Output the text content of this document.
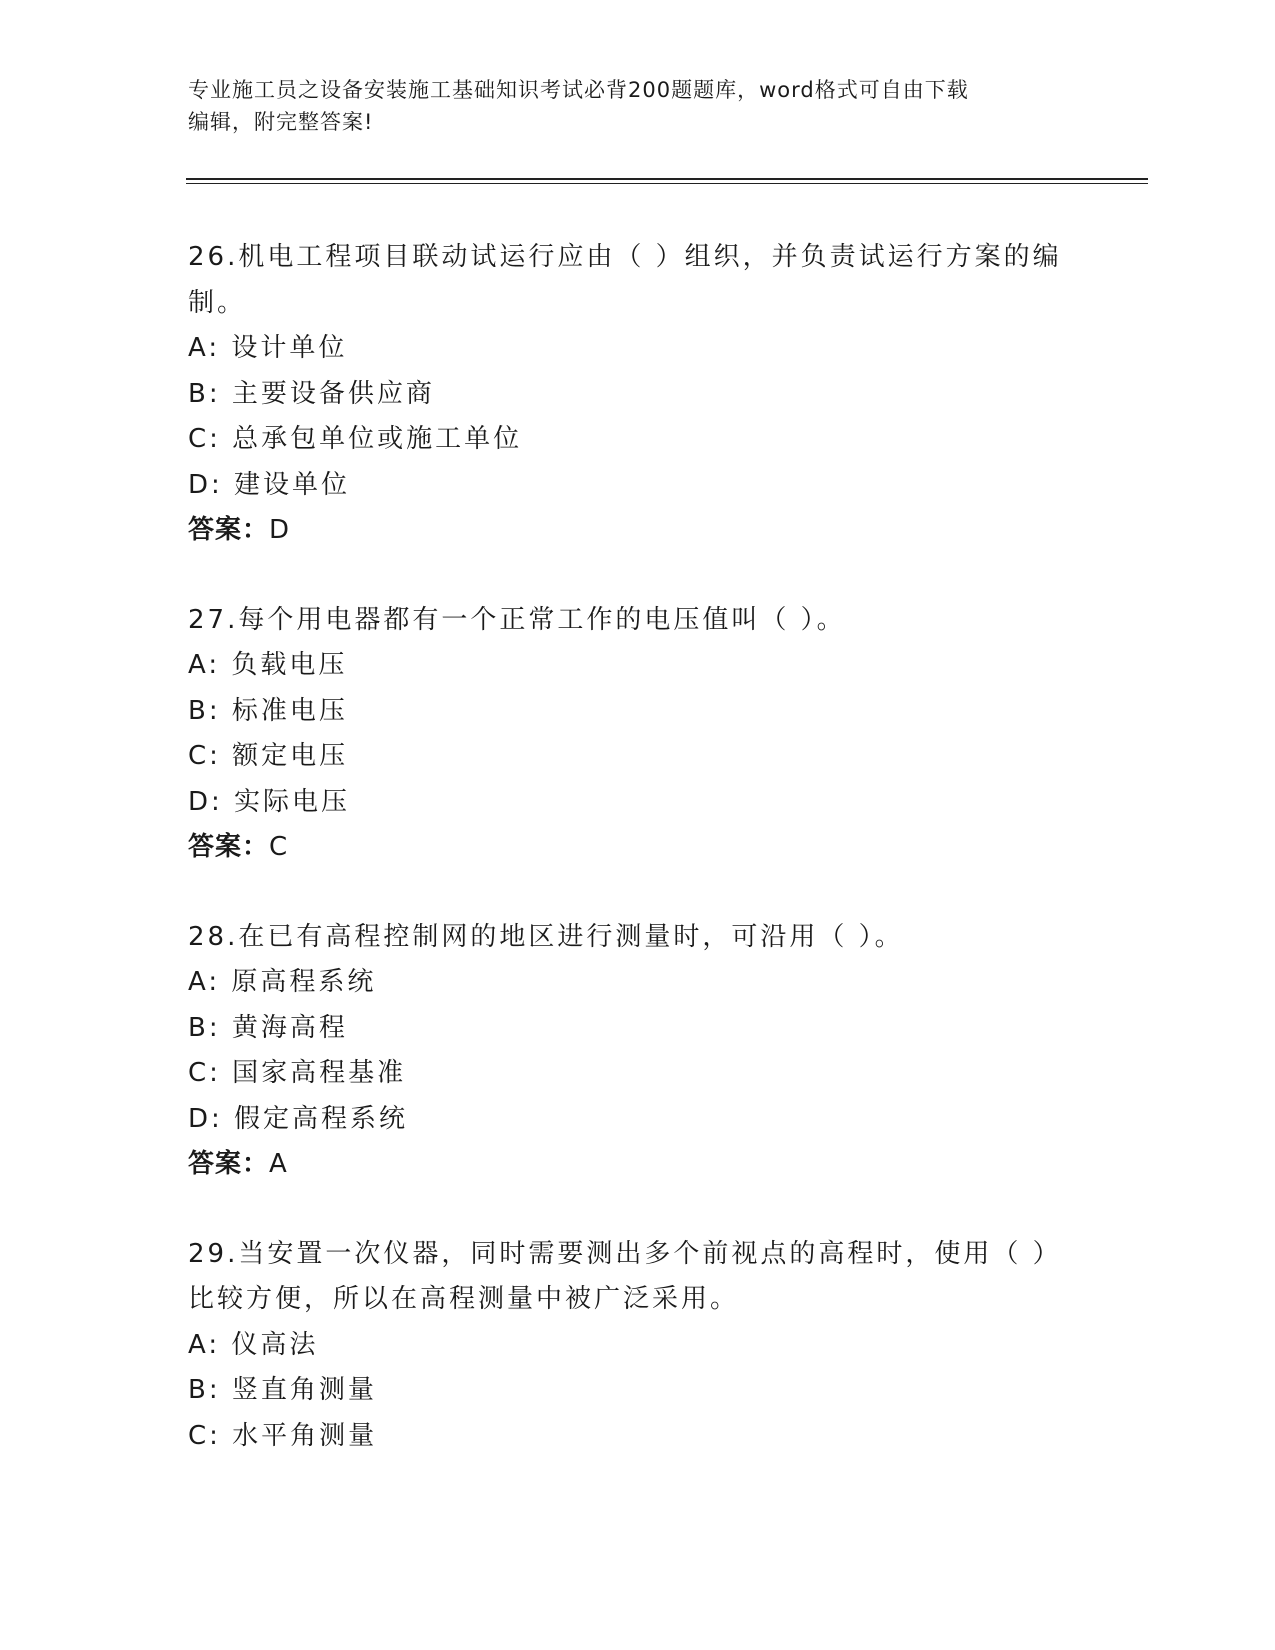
专业施工员之设备安装施工基础知识考试必背200题题库，word格式可自由下载
编辑，附完整答案!
26.机电工程项目联动试运行应由（ ）组织，并负责试运行方案的编
制。
A: 设计单位
B: 主要设备供应商
C: 总承包单位或施工单位
D: 建设单位
答案：D
27.每个用电器都有一个正常工作的电压值叫（ ）。
A: 负载电压
B: 标准电压
C: 额定电压
D: 实际电压
答案：C
28.在已有高程控制网的地区进行测量时，可沿用（ ）。
A: 原高程系统
B: 黄海高程
C: 国家高程基准
D: 假定高程系统
答案：A
29.当安置一次仪器，同时需要测出多个前视点的高程时，使用（ ）
比较方便，所以在高程测量中被广泛采用。
A: 仪高法
B: 竖直角测量
C: 水平角测量
